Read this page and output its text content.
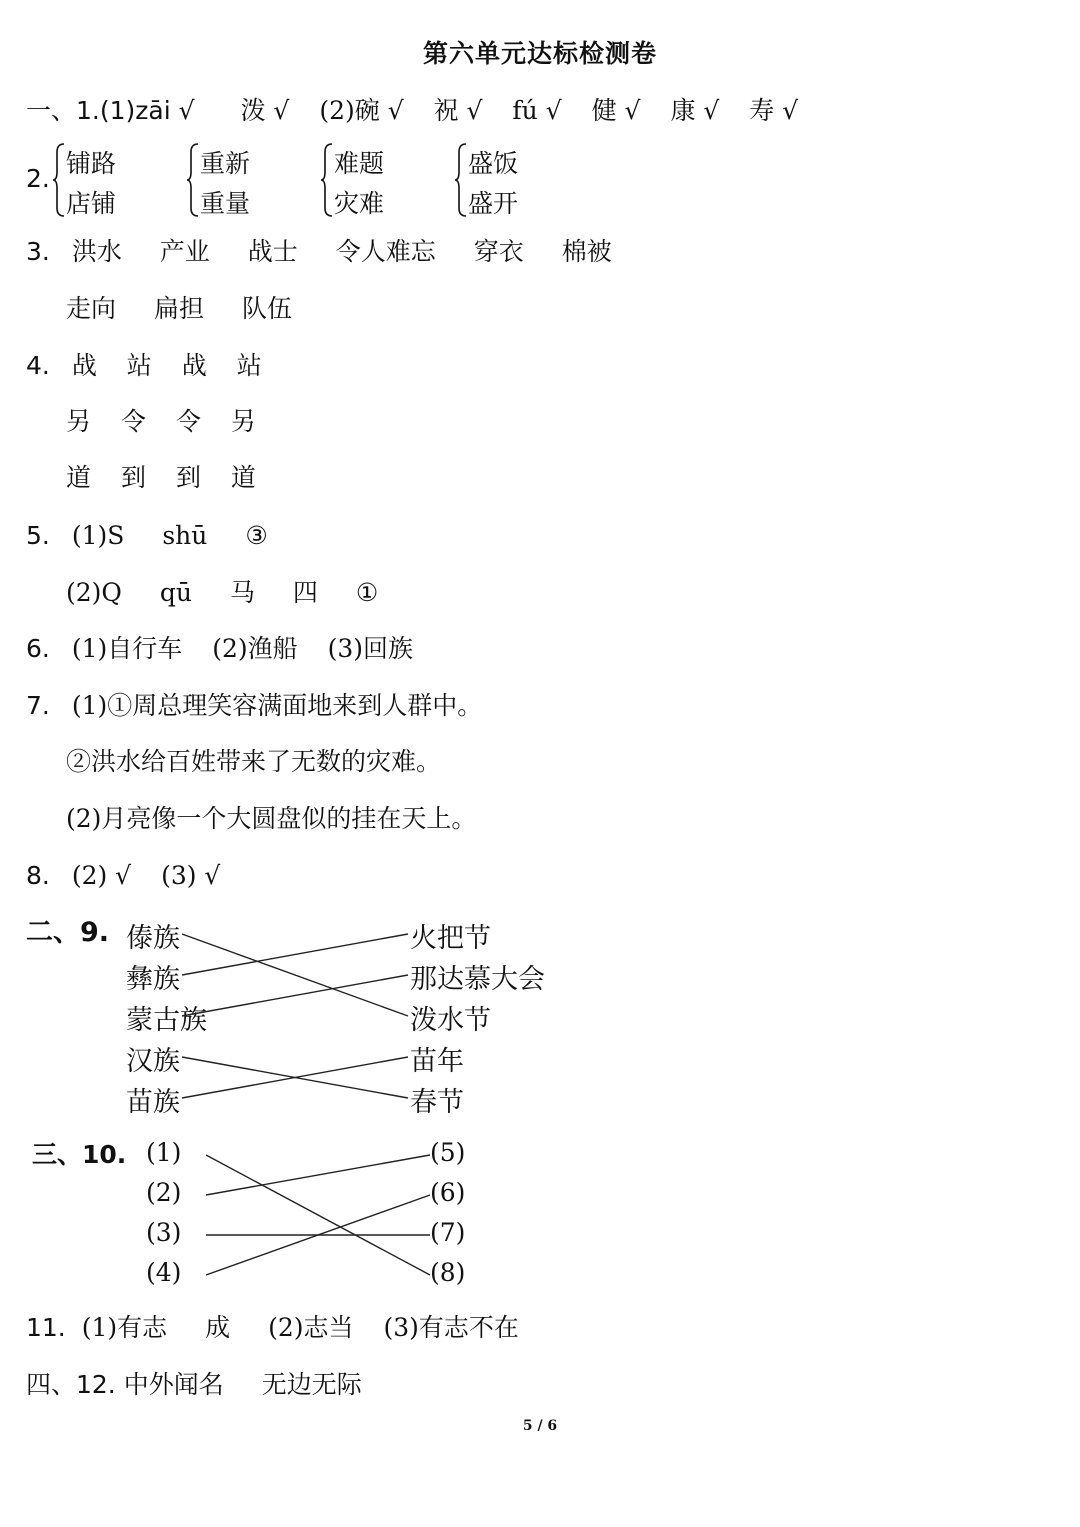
第六单元达标检测卷
一、1.(1)zāi √ 泼 √ (2)碗 √ 祝 √ fú √ 健 √ 康 √ 寿 √
2.
铺路
店铺
重新
重量
难题
灾难
盛饭
盛开
3. 洪水 产业 战士 令人难忘 穿衣 棉被
走向 扁担 队伍
4. 战 站 战 站
另 令 令 另
道 到 到 道
5. (1)S shū ③
(2)Q qū 马 四 ①
6. (1)自行车 (2)渔船 (3)回族
7. (1)①周总理笑容满面地来到人群中。
②洪水给百姓带来了无数的灾难。
(2)月亮像一个大圆盘似的挂在天上。
8. (2) √ (3) √
二、9. 傣族
彝族
蒙古族
汉族
苗族
火把节
那达慕大会
泼水节
苗年
春节
三、10. (1)
(2)
(3)
(4)
(5)
(6)
(7)
(8)
11. (1)有志 成 (2)志当 (3)有志不在
四、12. 中外闻名 无边无际
5 / 6
